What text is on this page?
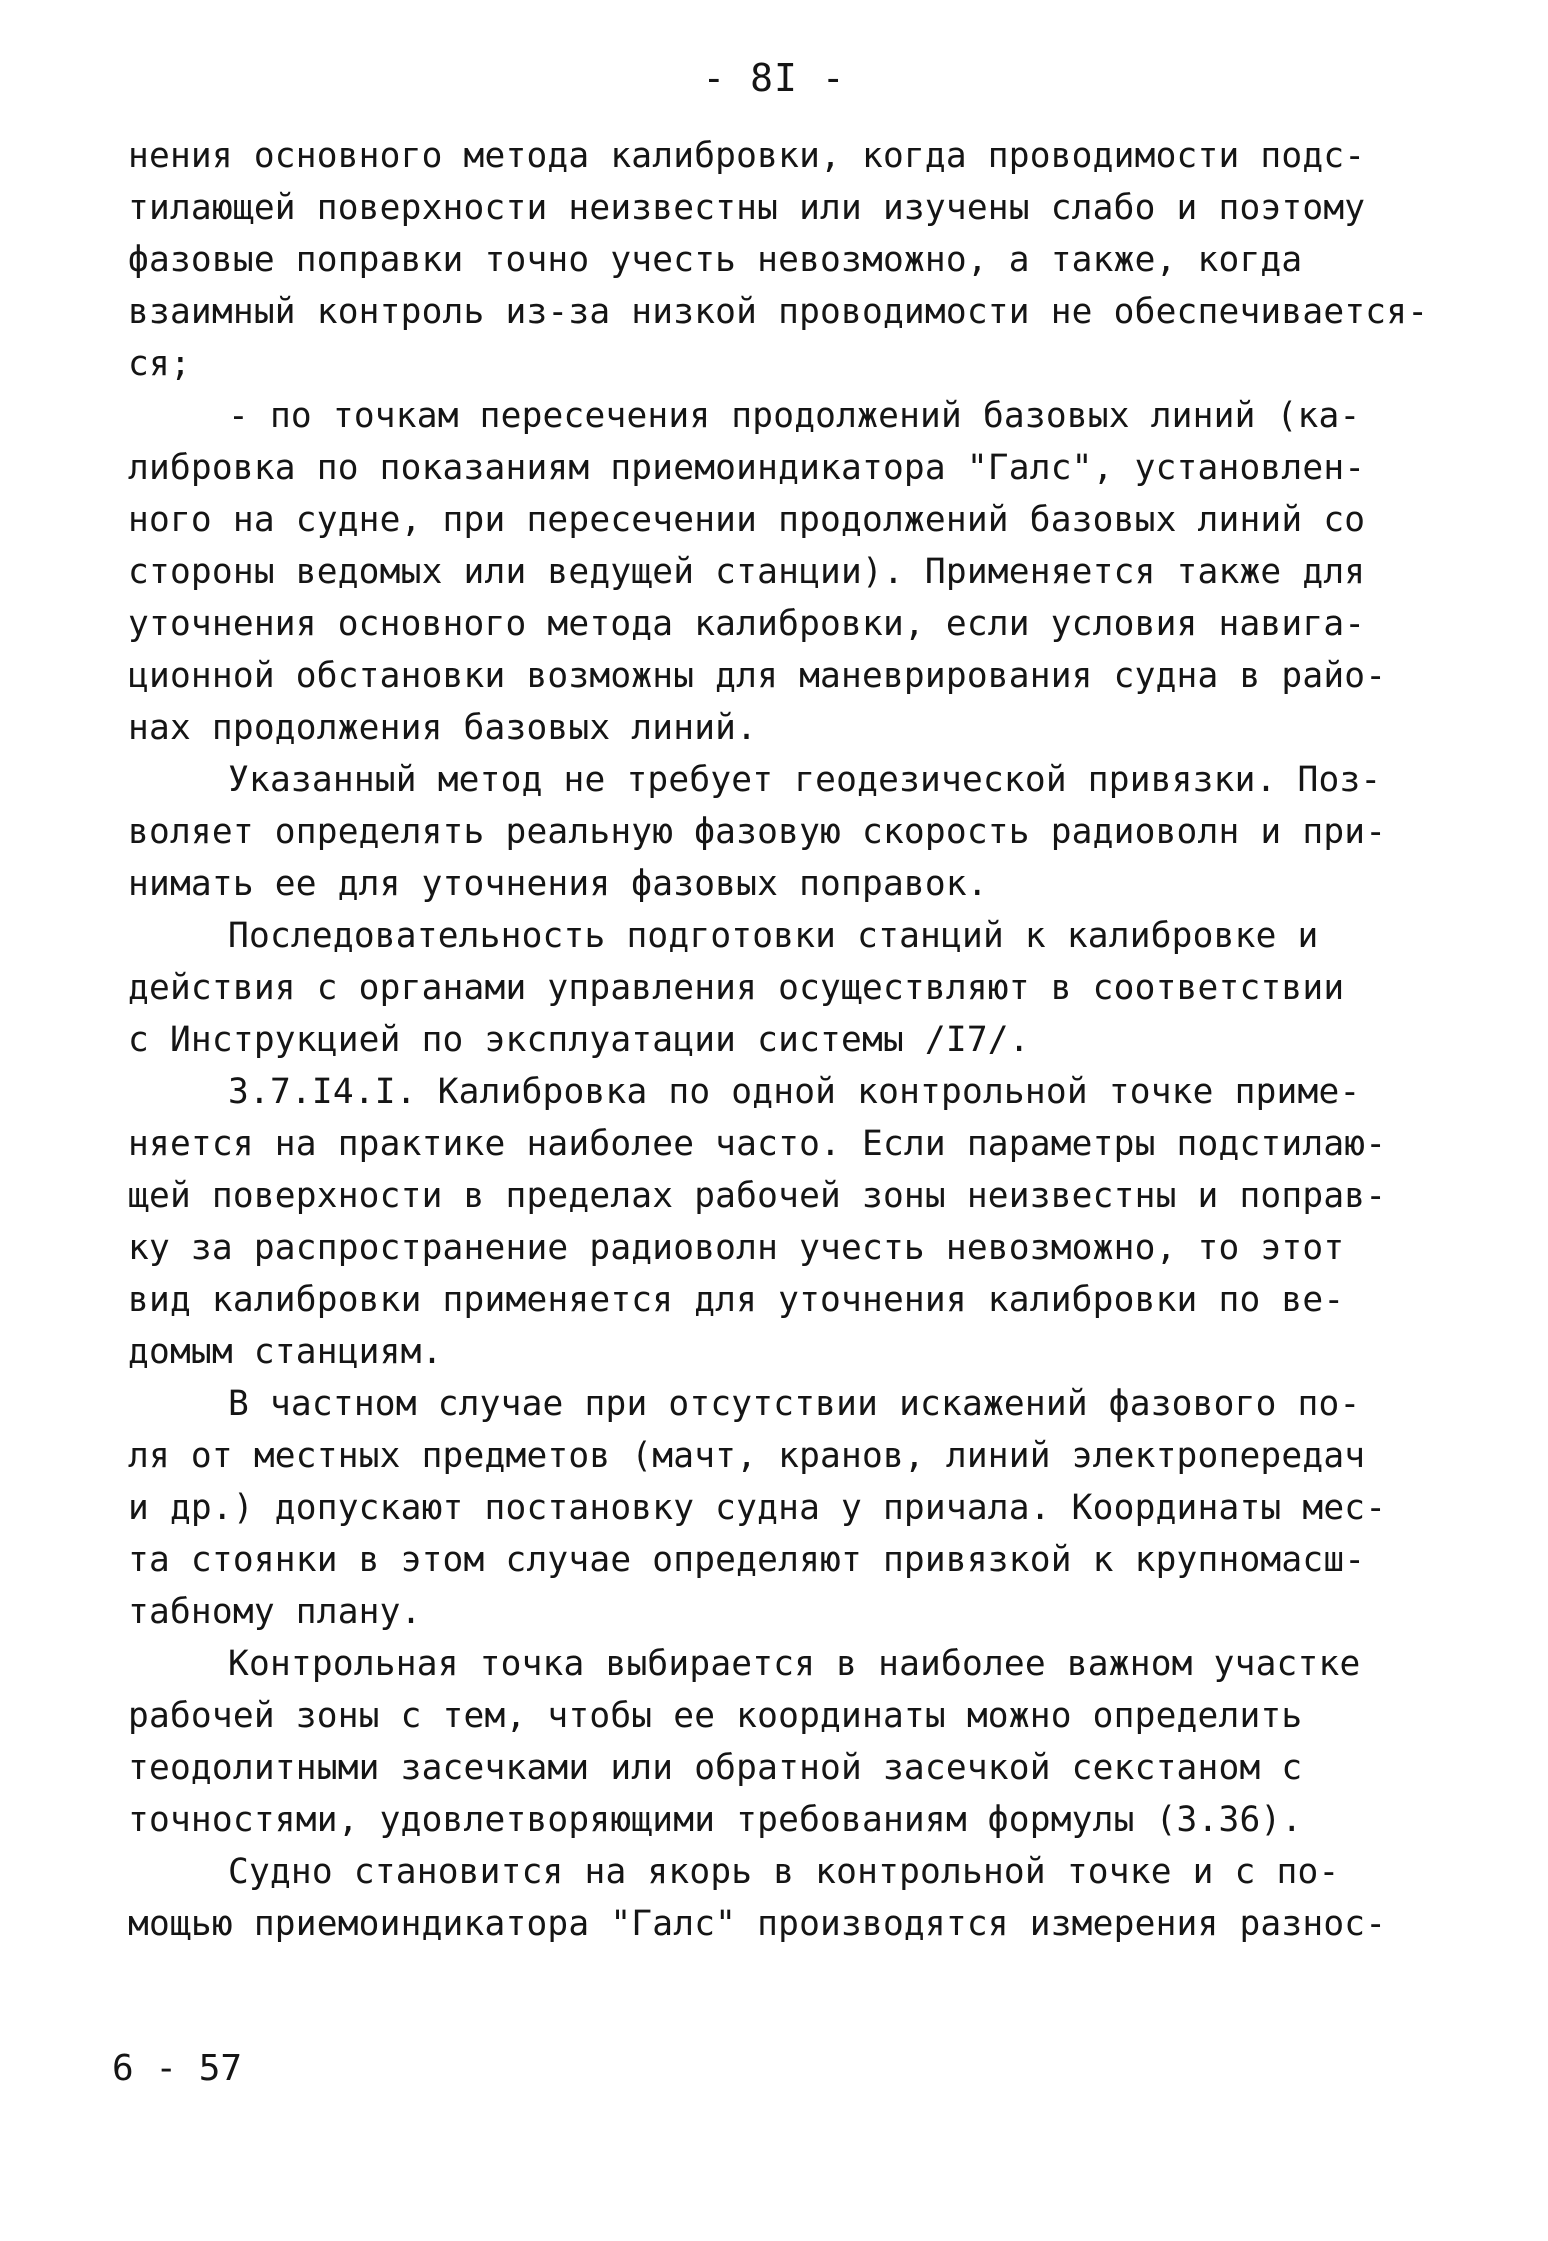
- 8I -
нения основного метода калибровки, когда проводимости подс-
тилающей поверхности неизвестны или изучены слабо и поэтому
фазовые поправки точно учесть невозможно, а также, когда
взаимный контроль из-за низкой проводимости не обеспечивается-
ся;
- по точкам пересечения продолжений базовых линий (ка-
либровка по показаниям приемоиндикатора "Галс", установлен-
ного на судне, при пересечении продолжений базовых линий со
стороны ведомых или ведущей станции). Применяется также для
уточнения основного метода калибровки, если условия навига-
ционной обстановки возможны для маневрирования судна в райо-
нах продолжения базовых линий.
Указанный метод не требует геодезической привязки. Поз-
воляет определять реальную фазовую скорость радиоволн и при-
нимать ее для уточнения фазовых поправок.
Последовательность подготовки станций к калибровке и
действия с органами управления осуществляют в соответствии
с Инструкцией по эксплуатации системы /I7/.
3.7.I4.I. Калибровка по одной контрольной точке приме-
няется на практике наиболее часто. Если параметры подстилаю-
щей поверхности в пределах рабочей зоны неизвестны и поправ-
ку за распространение радиоволн учесть невозможно, то этот
вид калибровки применяется для уточнения калибровки по ве-
домым станциям.
В частном случае при отсутствии искажений фазового по-
ля от местных предметов (мачт, кранов, линий электропередач
и др.) допускают постановку судна у причала. Координаты мес-
та стоянки в этом случае определяют привязкой к крупномасш-
табному плану.
Контрольная точка выбирается в наиболее важном участке
рабочей зоны с тем, чтобы ее координаты можно определить
теодолитными засечками или обратной засечкой секстаном с
точностями, удовлетворяющими требованиям формулы (3.36).
Судно становится на якорь в контрольной точке и с по-
мощью приемоиндикатора "Галс" производятся измерения разнос-
6 - 57
